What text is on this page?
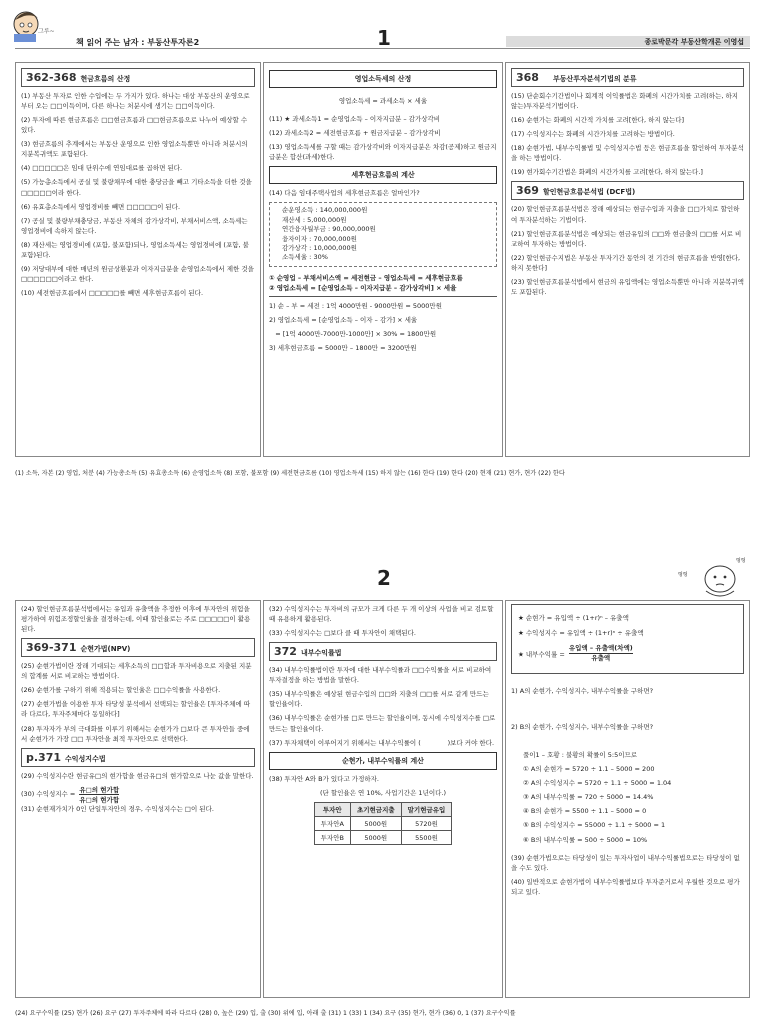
그루~
책 읽어 주는 남자 : 부동산투자론2	1	종로박문각 부동산학개론 이영섭
362-368 현금흐름의 산정
(1) 부동산 투자로 인한 수입에는 두 가지가 있다. 하나는 대상 부동산의 운영으로부터 오는 □□이득이며, 다른 하나는 처분시에 생기는 □□이득이다.
(2) 투자에 따른 현금흐름은 □□현금흐름과 □□현금흐름으로 나누어 예상할 수 있다.
(3) 현금흐름의 추계에서는 부동산 운영으로 인한 영업소득뿐만 아니라 처분시의 지분복귀액도 포함된다.
(4) □□□□□은 임대 단위수에 연임대료를 곱하면 된다.
(5) 가능총소득에서 공실 및 불량채무에 대한 충당금을 빼고 기타소득을 더한 것을 □□□□□이라 한다.
(6) 유효총소득에서 영업경비를 빼면 □□□□□이 된다.
(7) 공실 및 불량부채충당금, 부동산 자체의 감가상각비, 부채서비스액, 소득세는 영업경비에 속하지 않는다.
(8) 재산세는 영업경비에 (포함, 불포함)되나, 영업소득세는 영업경비에 (포함, 불포함)된다.
(9) 저당대부에 대한 매년의 원금상환분과 이자지급분을 순영업소득에서 제한 것을 □□□□□□이라고 한다.
(10) 세전현금흐름에서 □□□□□를 빼면 세후현금흐름이 된다.
영업소득세의 산정
영업소득세 = 과세소득 × 세율
(11) ★ 과세소득1 = 순영업소득 – 이자지급분 – 감가상각비
(12) 과세소득2 = 세전현금흐름 + 원금지급분 – 감가상각비
(13) 영업소득세를 구할 때는 감가상각비와 이자지급분은 차감(공제)하고 원금지급분은 합산(과세)한다.
세후현금흐름의 계산
(14) 다음 임대주택사업의 세후현금흐름은 얼마인가?
순운영소득 : 140,000,000원
재산세 : 5,000,000원
연간융자월부금 : 90,000,000원
융자이자 : 70,000,000원
감가상각 : 10,000,000원
소득세율 : 30%
① 순영업 – 부채서비스액 = 세전현금 – 영업소득세 = 세후현금흐름
② 영업소득세 = [순영업소득 – 이자지급분 – 감가상각비] × 세율
1) 순 – 부 = 세전 : 1억 4000만원 - 9000만원 = 5000만원
2) 영업소득세 = [순영업소득 – 이자 – 감가] × 세율
= [1억 4000만-7000만-1000만] × 30% = 1800만원
3) 세후현금흐름 = 5000만 – 1800만 = 3200만원
368 부동산투자분석기법의 분류
(15) 단순회수기간법이나 회계적 이익률법은 화폐의 시간가치를 고려(하는, 하지 않는)투자분석기법이다.
(16) 순현가는 화폐의 시간적 가치를 고려[한다, 하지 않는다]
(17) 수익성지수는 화폐의 시간가치를 고려하는 방법이다.
(18) 순현가법, 내부수익률법 및 수익성지수법 등은 현금흐름을 할인하여 투자분석을 하는 방법이다.
(19) 현가회수기간법은 화폐의 시간가치를 고려[한다, 하지 않는다.]
369 할인현금흐름분석법 (DCF법)
(20) 할인현금흐름분석법은 장래 예상되는 현금수입과 지출을 □□가치로 할인하여 투자분석하는 기법이다.
(21) 할인현금흐름분석법은 예상되는 현금유입의 □□와 현금출의 □□를 서로 비교하여 투자하는 방법이다.
(22) 할인현금수지법은 부동산 투자기간 동안의 전 기간의 현금흐름을 반영[한다, 하지 못한다]
(23) 할인현금흐름분석법에서 현금의 유입액에는 영업소득뿐만 아니라 지분복귀액도 포함된다.
(1) 소득, 자본 (2) 영업, 처분 (4) 가능총소득 (5) 유효총소득 (6) 순영업소득 (8) 포함, 불포함 (9) 세전현금흐름 (10) 영업소득세 (15) 하지 않는 (16) 한다 (19) 한다 (20) 현재 (21) 현가, 현가 (22) 한다
2	띵띵
띵띵
(24) 할인현금흐름분석법에서는 유입과 유출액을 추정한 이후에 투자안의 위험을 평가하여 위험조정할인율을 결정하는데, 이때 할인율로는 주로 □□□□□이 활용된다.
369-371 순현가법(NPV)
(25) 순현가법이란 장래 기대되는 세후소득의 □□합과 투자비용으로 지출된 지분의 합계를 서로 비교하는 방법이다.
(26) 순현가를 구하기 위해 적용되는 할인율은 □□수익률을 사용한다.
(27) 순현가법을 이용한 투자 타당성 분석에서 선택되는 할인율은 [투자주체에 따라 다르다, 투자주체마다 동일하다]
(28) 투자자가 부의 극대화를 이루기 위해서는 순현가가 □보다 큰 투자안들 중에서 순현가가 가장 □□ 투자안을 최적 투자안으로 선택한다.
p.371 수익성지수법
(29) 수익성지수란 현금유□의 현가합을 현금유□의 현가합으로 나눈 값을 말한다.
(30) 수익성지수 =
유□의 현가합
유□의 현가합
(31) 순현재가치가 0인 단일투자안의 경우, 수익성지수는 □이 된다.
(32) 수익성지수는 투자비의 규모가 크게 다른 두 개 이상의 사업을 비교 검토할 때 유용하게 활용된다.
(33) 수익성지수는 □보다 클 때 투자안이 채택된다.
372 내부수익률법
(34) 내부수익률법이란 투자에 대한 내부수익률과 □□수익률을 서로 비교하여 투자결정을 하는 방법을 말한다.
(35) 내부수익률은 예상된 현금수입의 □□와 지출의 □□를 서로 같게 만드는 할인율이다.
(36) 내부수익률은 순현가를 □로 만드는 할인율이며, 동시에 수익성지수를 □로 만드는 할인율이다.
(37) 투자채택이 이루어지기 위해서는 내부수익률이 (             )보다 커야 한다.
순현가, 내부수익률의 계산
(38) 투자안 A와 B가 있다고 가정하자.
(단 할인율은 연 10%, 사업기간은 1년이다.)
투자안	초기현금지출	말기현금유입
투자안A	5000원	5720원
투자안B	5000원	5500원
★ 순현가 = 유입액 ÷ (1+r)ⁿ – 유출액
★ 수익성지수 = 유입액 ÷ (1+r)ⁿ ÷ 유출액
★ 내부수익률 =
유입액 – 유출액(차액)
유출액
1) A의 순현가, 수익성지수, 내부수익률을 구하면?
2) B의 순현가, 수익성지수, 내부수익률을 구하면?
풀이1 – 호황 : 불황의 확률이 5:5이므로
① A의 순현가 = 5720 ÷ 1.1 – 5000 = 200
② A의 수익성지수 = 5720 ÷ 1.1 ÷ 5000 = 1.04
③ A의 내부수익률 = 720 ÷ 5000 = 14.4%
④ B의 순현가 = 5500 ÷ 1.1 – 5000 = 0
⑤ B의 수익성지수 = 55000 ÷ 1.1 ÷ 5000 = 1
⑥ B의 내부수익률 = 500 ÷ 5000 = 10%
(39) 순현가법으로는 타당성이 있는 투자사업이 내부수익률법으로는 타당성이 없을 수도 있다.
(40) 일반적으로 순현가법이 내부수익률법보다 투자준거로서 우월한 것으로 평가되고 있다.
(24) 요구수익률 (25) 현가 (26) 요구 (27) 투자주체에 따라 다르다 (28) 0, 높은 (29) 입, 출 (30) 위에 입, 아래 출 (31) 1 (33) 1 (34) 요구 (35) 현가, 현가 (36) 0, 1 (37) 요구수익률
